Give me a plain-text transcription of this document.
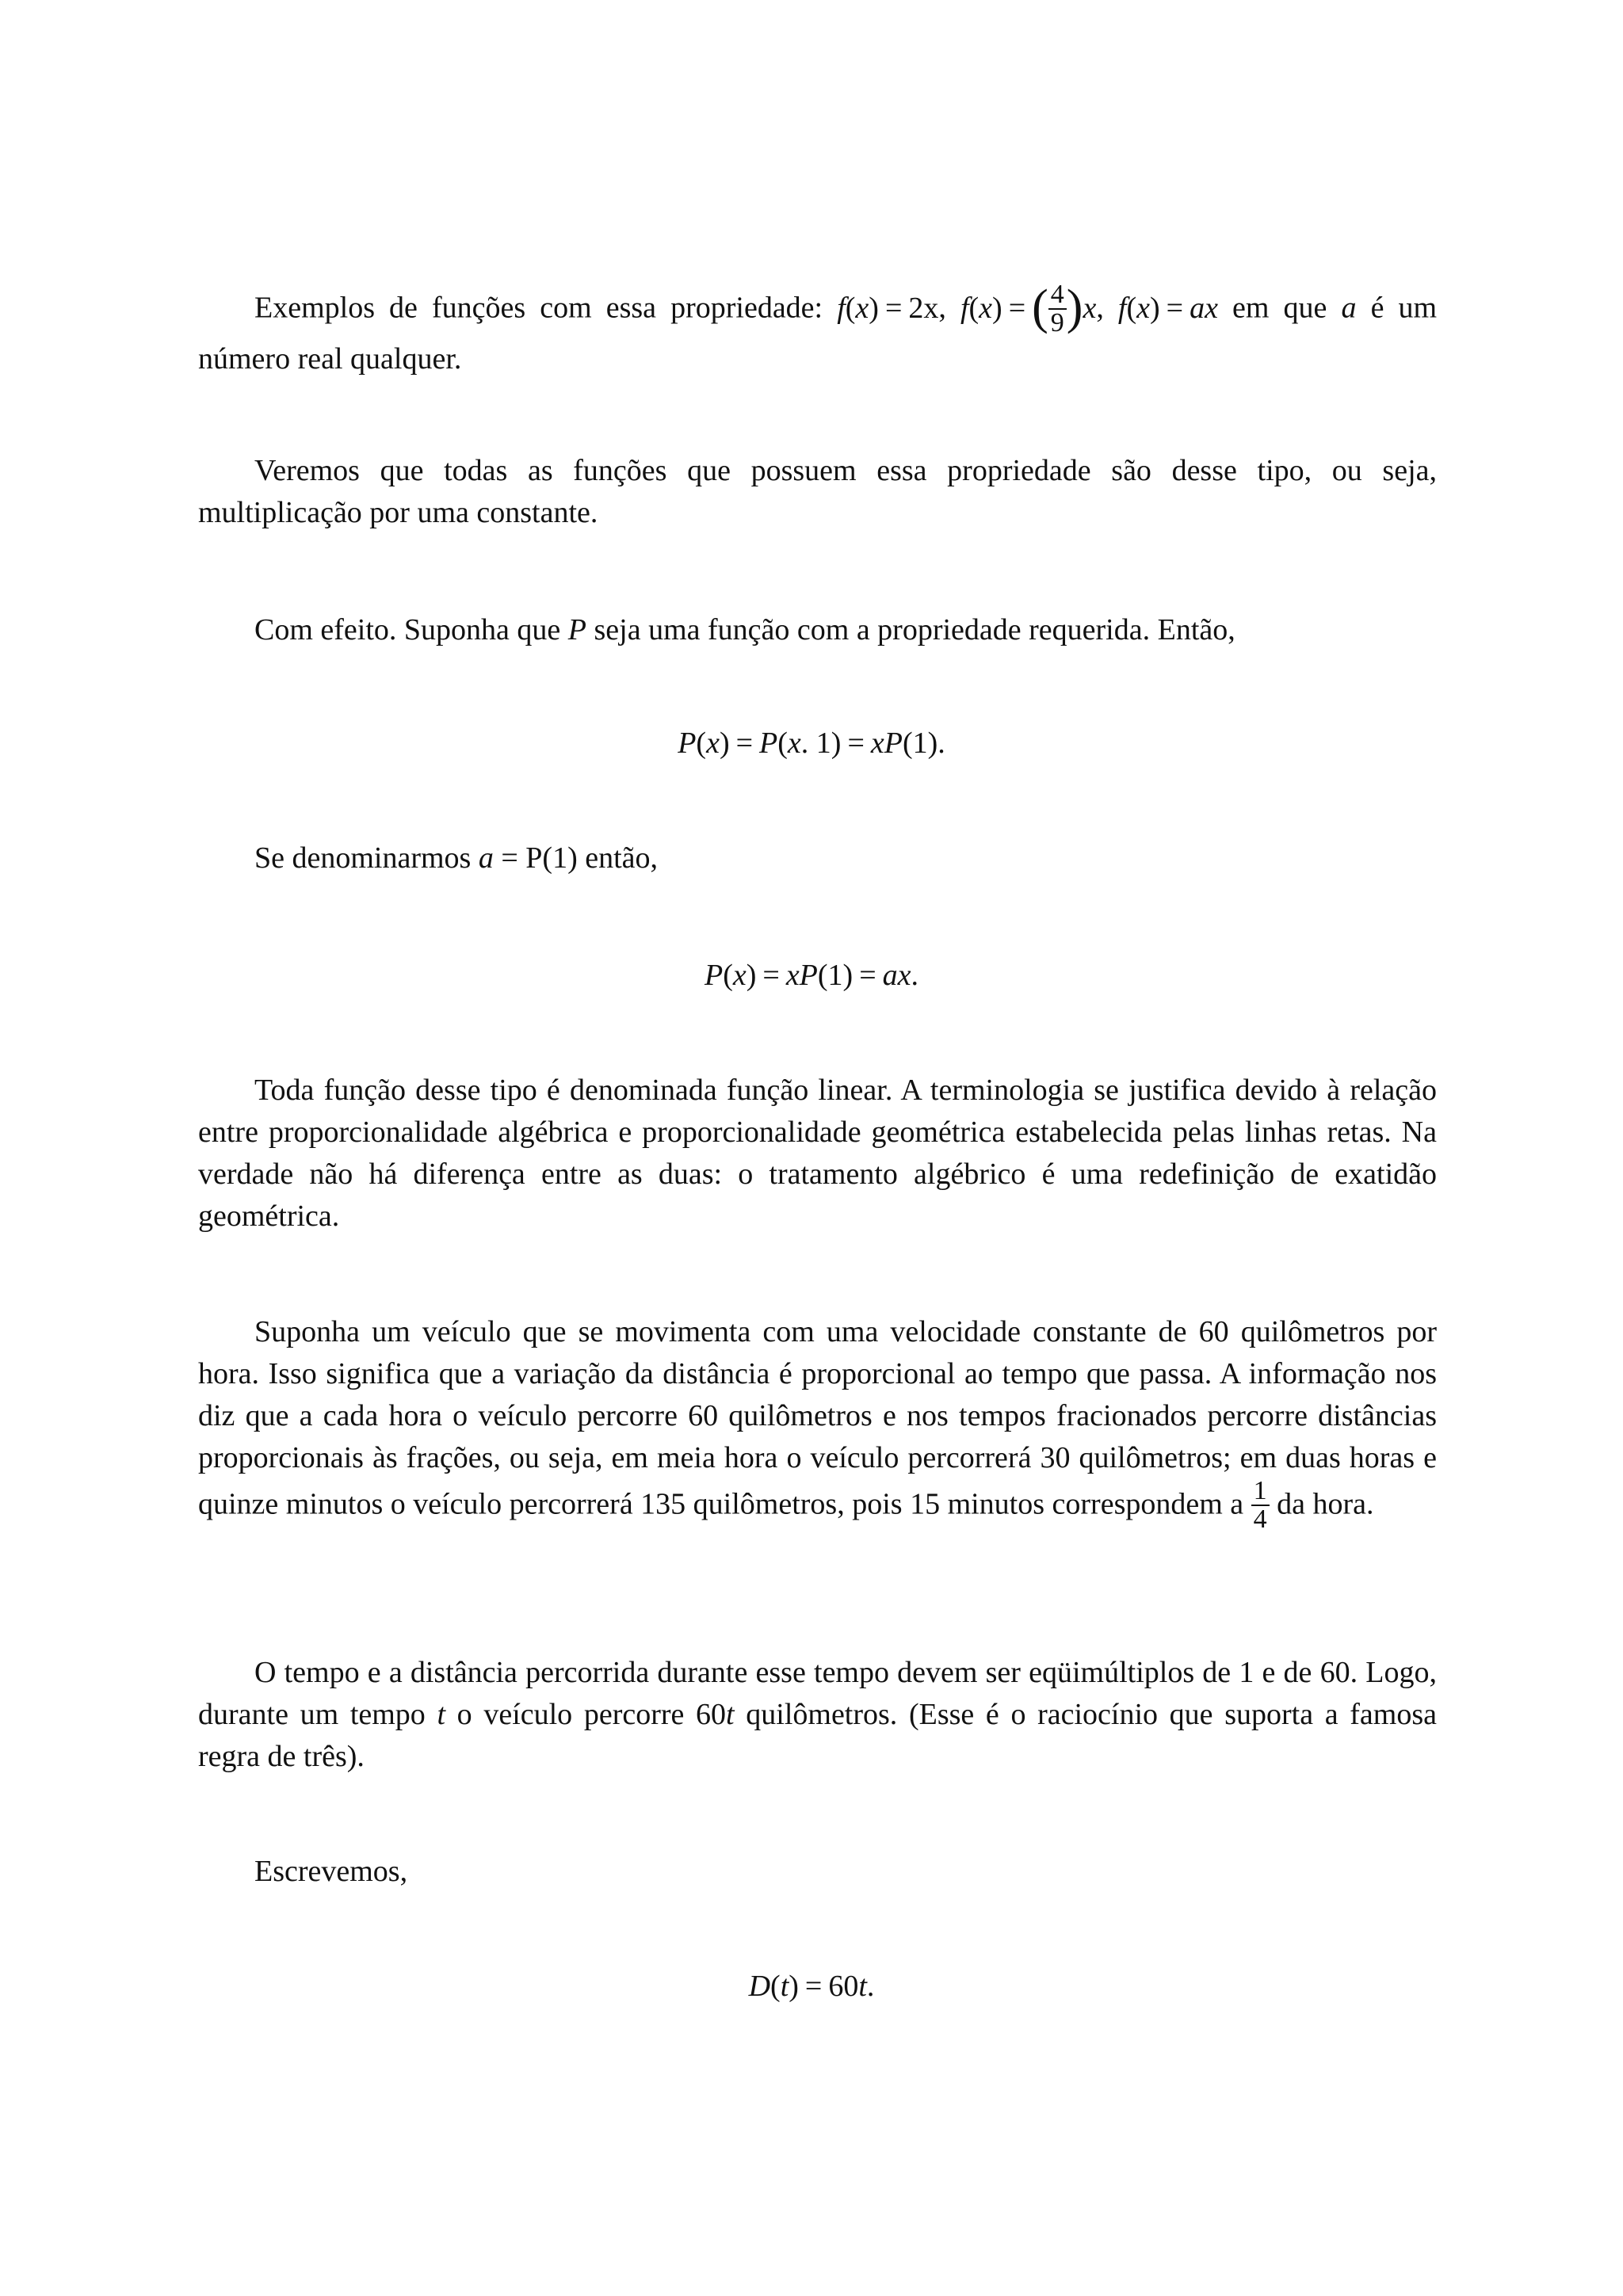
Exemplos de funções com essa propriedade: f(x) = 2x, f(x) = ( $\frac{4}{9} )x$, f(x) = ax em que a é um número real qualquer.

Veremos que todas as funções que possuem essa propriedade são desse tipo, ou seja, multiplicação por uma constante.

Com efeito. Suponha que P seja uma função com a propriedade requerida. Então,

P(x) = P(x. 1) = xP(1).

Se denominarmos a = P(1) então,

P(x) = xP(1) = ax.

Toda função desse tipo é denominada função linear. A terminologia se justifica devido à relação entre proporcionalidade algébrica e proporcionalidade geométrica estabelecida pelas linhas retas. Na verdade não há diferença entre as duas: o tratamento algébrico é uma redefinição de exatidão geométrica.

Suponha um veículo que se movimenta com uma velocidade constante de 60 quilômetros por hora. Isso significa que a variação da distância é proporcional ao tempo que passa. A informação nos diz que a cada hora o veículo percorre 60 quilômetros e nos tempos fracionados percorre distâncias proporcionais às frações, ou seja, em meia hora o veículo percorrerá 30 quilômetros; em duas horas e quinze minutos o veículo percorrerá 135 quilômetros, pois 15 minutos correspondem a $\frac{1}{4}$ da hora.

O tempo e a distância percorrida durante esse tempo devem ser eqüimúltiplos de 1 e de 60. Logo, durante um tempo t o veículo percorre 60t quilômetros. (Esse é o raciocínio que suporta a famosa regra de três).

Escrevemos,

D(t) = 60t.
